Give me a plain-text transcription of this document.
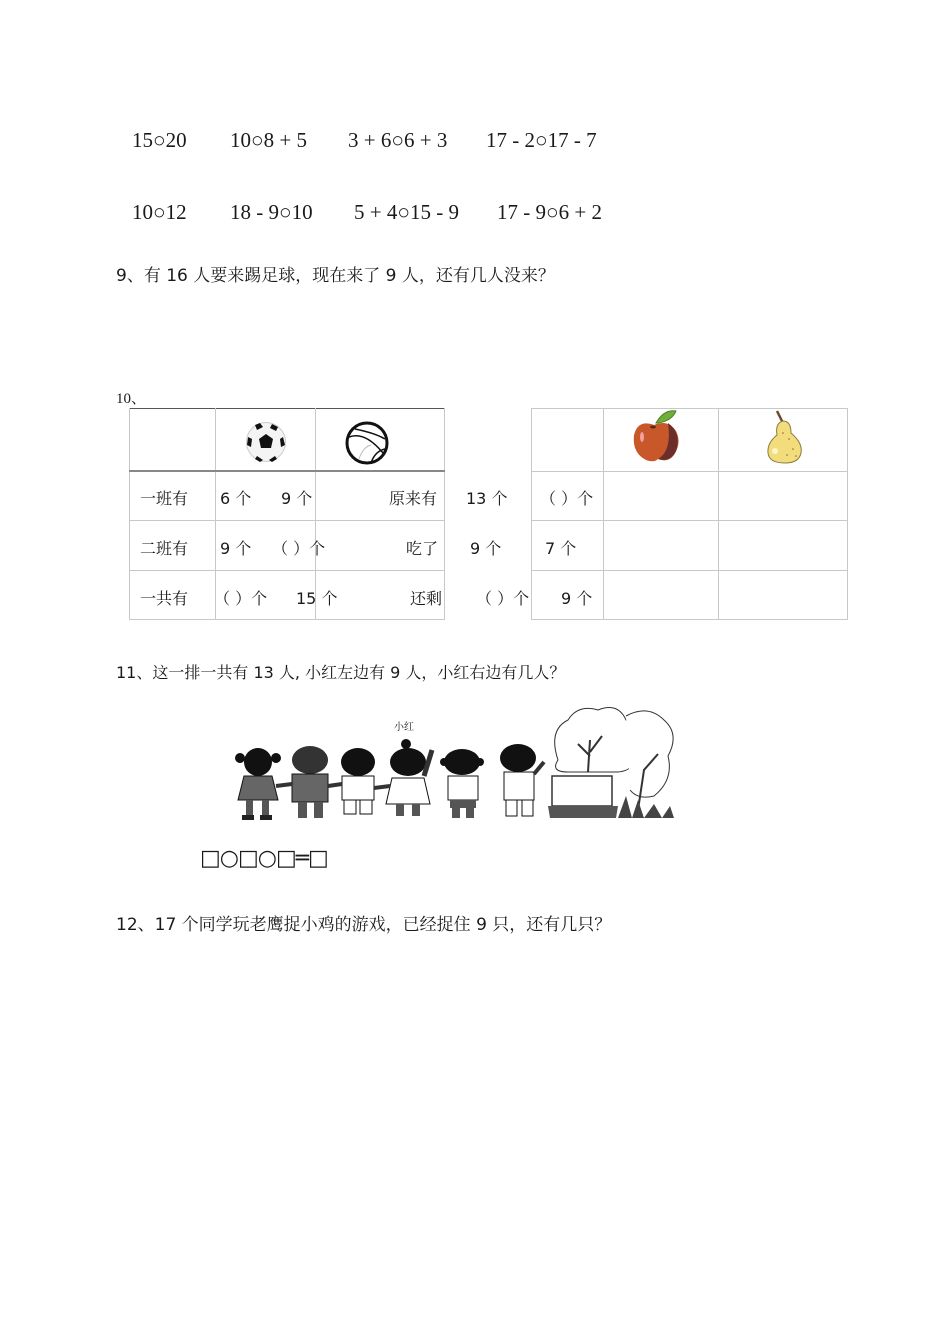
15○20 10○8 + 5 3 + 6○6 + 3 17 - 2○17 - 7
10○12 18 - 9○10 5 + 4○15 - 9 17 - 9○6 + 2
9、有 16 人要来踢足球，现在来了 9 人，还有几人没来？
10、
一班有 6 个 9 个
二班有 9 个 （ ）个
一共有 （ ）个 15 个
原来有
吃了
还剩
13 个 （ ）个
9 个	7 个
（ ）个 9 个
11、这一排一共有 13 人, 小红左边有 9 人，小红右边有几人？
小红
□○□○□═□
12、17 个同学玩老鹰捉小鸡的游戏，已经捉住 9 只，还有几只？
